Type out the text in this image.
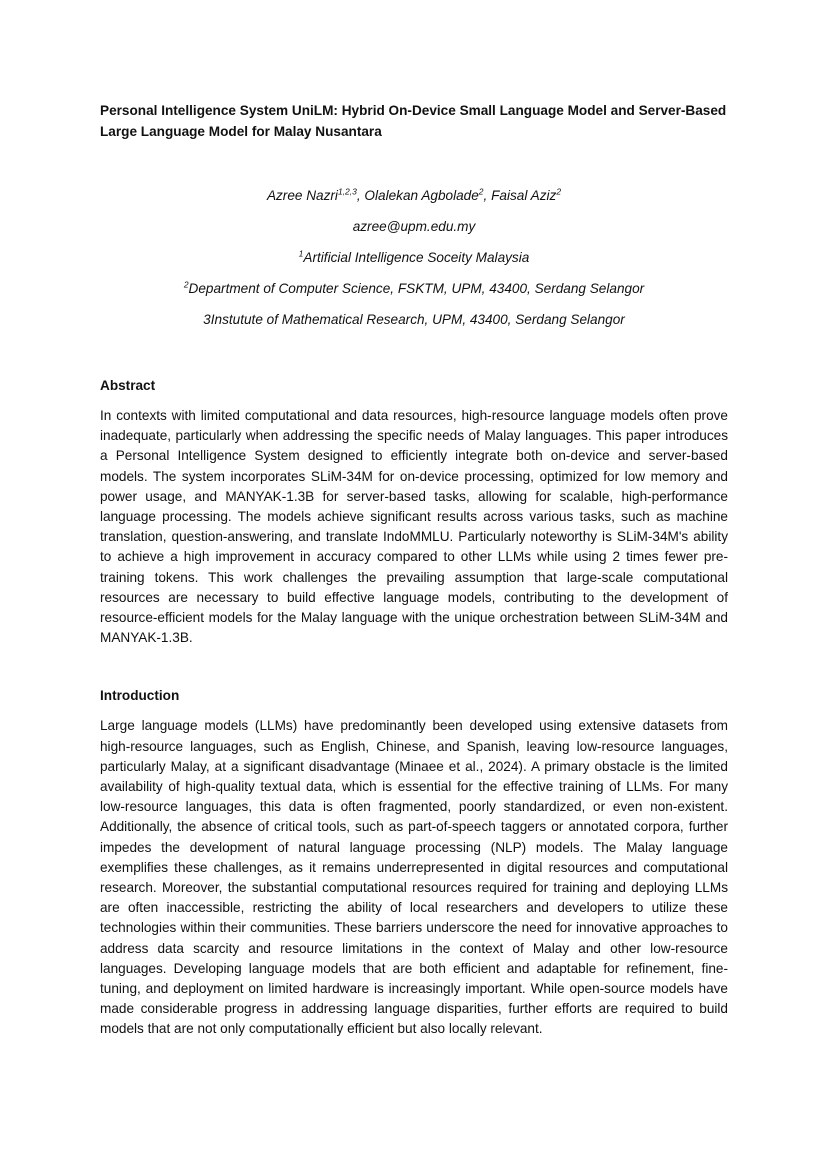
Personal Intelligence System UniLM: Hybrid On-Device Small Language Model and Server-Based Large Language Model for Malay Nusantara

Azree Nazri$^{1,2,3}$, Olalekan Agbolade$^2$, Faisal Aziz$^2$
azree@upm.edu.my
$^1$Artificial Intelligence Soceity Malaysia
$^2$Department of Computer Science, FSKTM, UPM, 43400, Serdang Selangor
3Instutute of Mathematical Research, UPM, 43400, Serdang Selangor

Abstract

In contexts with limited computational and data resources, high-resource language models often prove inadequate, particularly when addressing the specific needs of Malay languages. This paper introduces a Personal Intelligence System designed to efficiently integrate both on-device and server-based models. The system incorporates SLiM-34M for on-device processing, optimized for low memory and power usage, and MANYAK-1.3B for server-based tasks, allowing for scalable, high-performance language processing. The models achieve significant results across various tasks, such as machine translation, question-answering, and translate IndoMMLU. Particularly noteworthy is SLiM-34M's ability to achieve a high improvement in accuracy compared to other LLMs while using 2 times fewer pre-training tokens. This work challenges the prevailing assumption that large-scale computational resources are necessary to build effective language models, contributing to the development of resource-efficient models for the Malay language with the unique orchestration between SLiM-34M and MANYAK-1.3B.

Introduction

Large language models (LLMs) have predominantly been developed using extensive datasets from high-resource languages, such as English, Chinese, and Spanish, leaving low-resource languages, particularly Malay, at a significant disadvantage (Minaee et al., 2024). A primary obstacle is the limited availability of high-quality textual data, which is essential for the effective training of LLMs. For many low-resource languages, this data is often fragmented, poorly standardized, or even non-existent. Additionally, the absence of critical tools, such as part-of-speech taggers or annotated corpora, further impedes the development of natural language processing (NLP) models. The Malay language exemplifies these challenges, as it remains underrepresented in digital resources and computational research. Moreover, the substantial computational resources required for training and deploying LLMs are often inaccessible, restricting the ability of local researchers and developers to utilize these technologies within their communities. These barriers underscore the need for innovative approaches to address data scarcity and resource limitations in the context of Malay and other low-resource languages. Developing language models that are both efficient and adaptable for refinement, fine-tuning, and deployment on limited hardware is increasingly important. While open-source models have made considerable progress in addressing language disparities, further efforts are required to build models that are not only computationally efficient but also locally relevant.
